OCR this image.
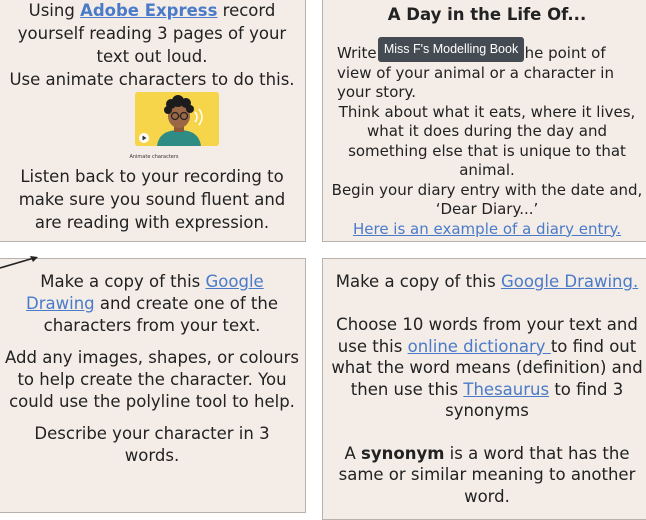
Using Adobe Express record yourself reading 3 pages of your text out loud.

Use animate characters to do this.

Listen back to your recording to make sure you sound fluent and are reading with expression.

Animate characters
A Day in the Life Of...
Write	he point of view of your animal or a character in your story.
Think about what it eats, where it lives, what it does during the day and something else that is unique to that animal.
Begin your diary entry with the date and, ‘Dear Diary...’
Here is an example of a diary entry.
Miss F's Modelling Book

Make a copy of this Google Drawing and create one of the characters from your text.

Add any images, shapes, or colours to help create the character. You could use the polyline tool to help.

Describe your character in 3 words.

Make a copy of this Google Drawing.

Choose 10 words from your text and use this online dictionary to find out what the word means (definition) and then use this Thesaurus to find 3 synonyms

A synonym is a word that has the same or similar meaning to another word.
